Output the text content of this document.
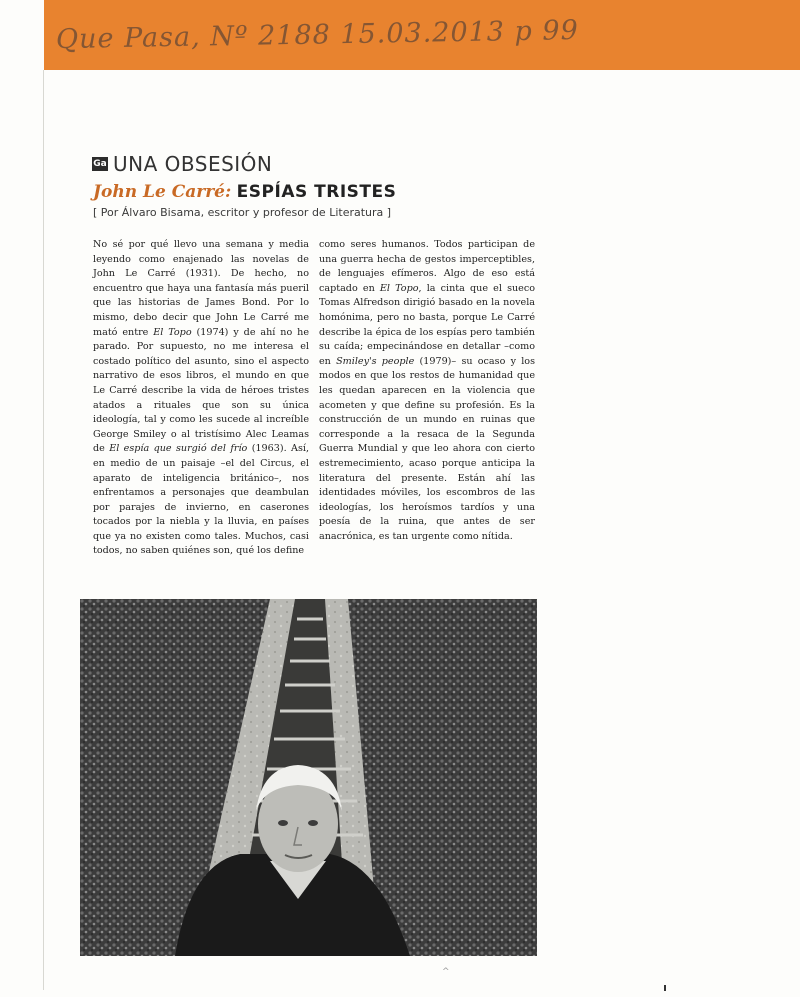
Que Pasa, Nº 2188 15.03.2013 p 99
Ga UNA OBSESIÓN
John Le Carré: ESPÍAS TRISTES
[ Por Álvaro Bisama, escritor y profesor de Literatura ]

No sé por qué llevo una semana y media leyendo como enajenado las novelas de John Le Carré (1931). De hecho, no encuentro que haya una fantasía más pueril que las historias de James Bond. Por lo mismo, debo decir que John Le Carré me mató entre El Topo (1974) y de ahí no he parado. Por supuesto, no me interesa el costado político del asunto, sino el aspecto narrativo de esos libros, el mundo en que Le Carré describe la vida de héroes tristes atados a rituales que son su única ideología, tal y como les sucede al increíble George Smiley o al tristísimo Alec Leamas de El espía que surgió del frío (1963). Así, en medio de un paisaje –el del Circus, el aparato de inteligencia británico–, nos enfrentamos a personajes que deambulan por parajes de invierno, en caserones tocados por la niebla y la lluvia, en países que ya no existen como tales. Muchos, casi todos, no saben quiénes son, qué los define

como seres humanos. Todos participan de una guerra hecha de gestos imperceptibles, de lenguajes efímeros. Algo de eso está captado en El Topo, la cinta que el sueco Tomas Alfredson dirigió basado en la novela homónima, pero no basta, porque Le Carré describe la épica de los espías pero también su caída; empecinándose en detallar –como en Smiley's people (1979)– su ocaso y los modos en que los restos de humanidad que les quedan aparecen en la violencia que acometen y que define su profesión. Es la construcción de un mundo en ruinas que corresponde a la resaca de la Segunda Guerra Mundial y que leo ahora con cierto estremecimiento, acaso porque anticipa la literatura del presente. Están ahí las identidades móviles, los escombros de las ideologías, los heroísmos tardíos y una poesía de la ruina, que antes de ser anacrónica, es tan urgente como nítida.

^
